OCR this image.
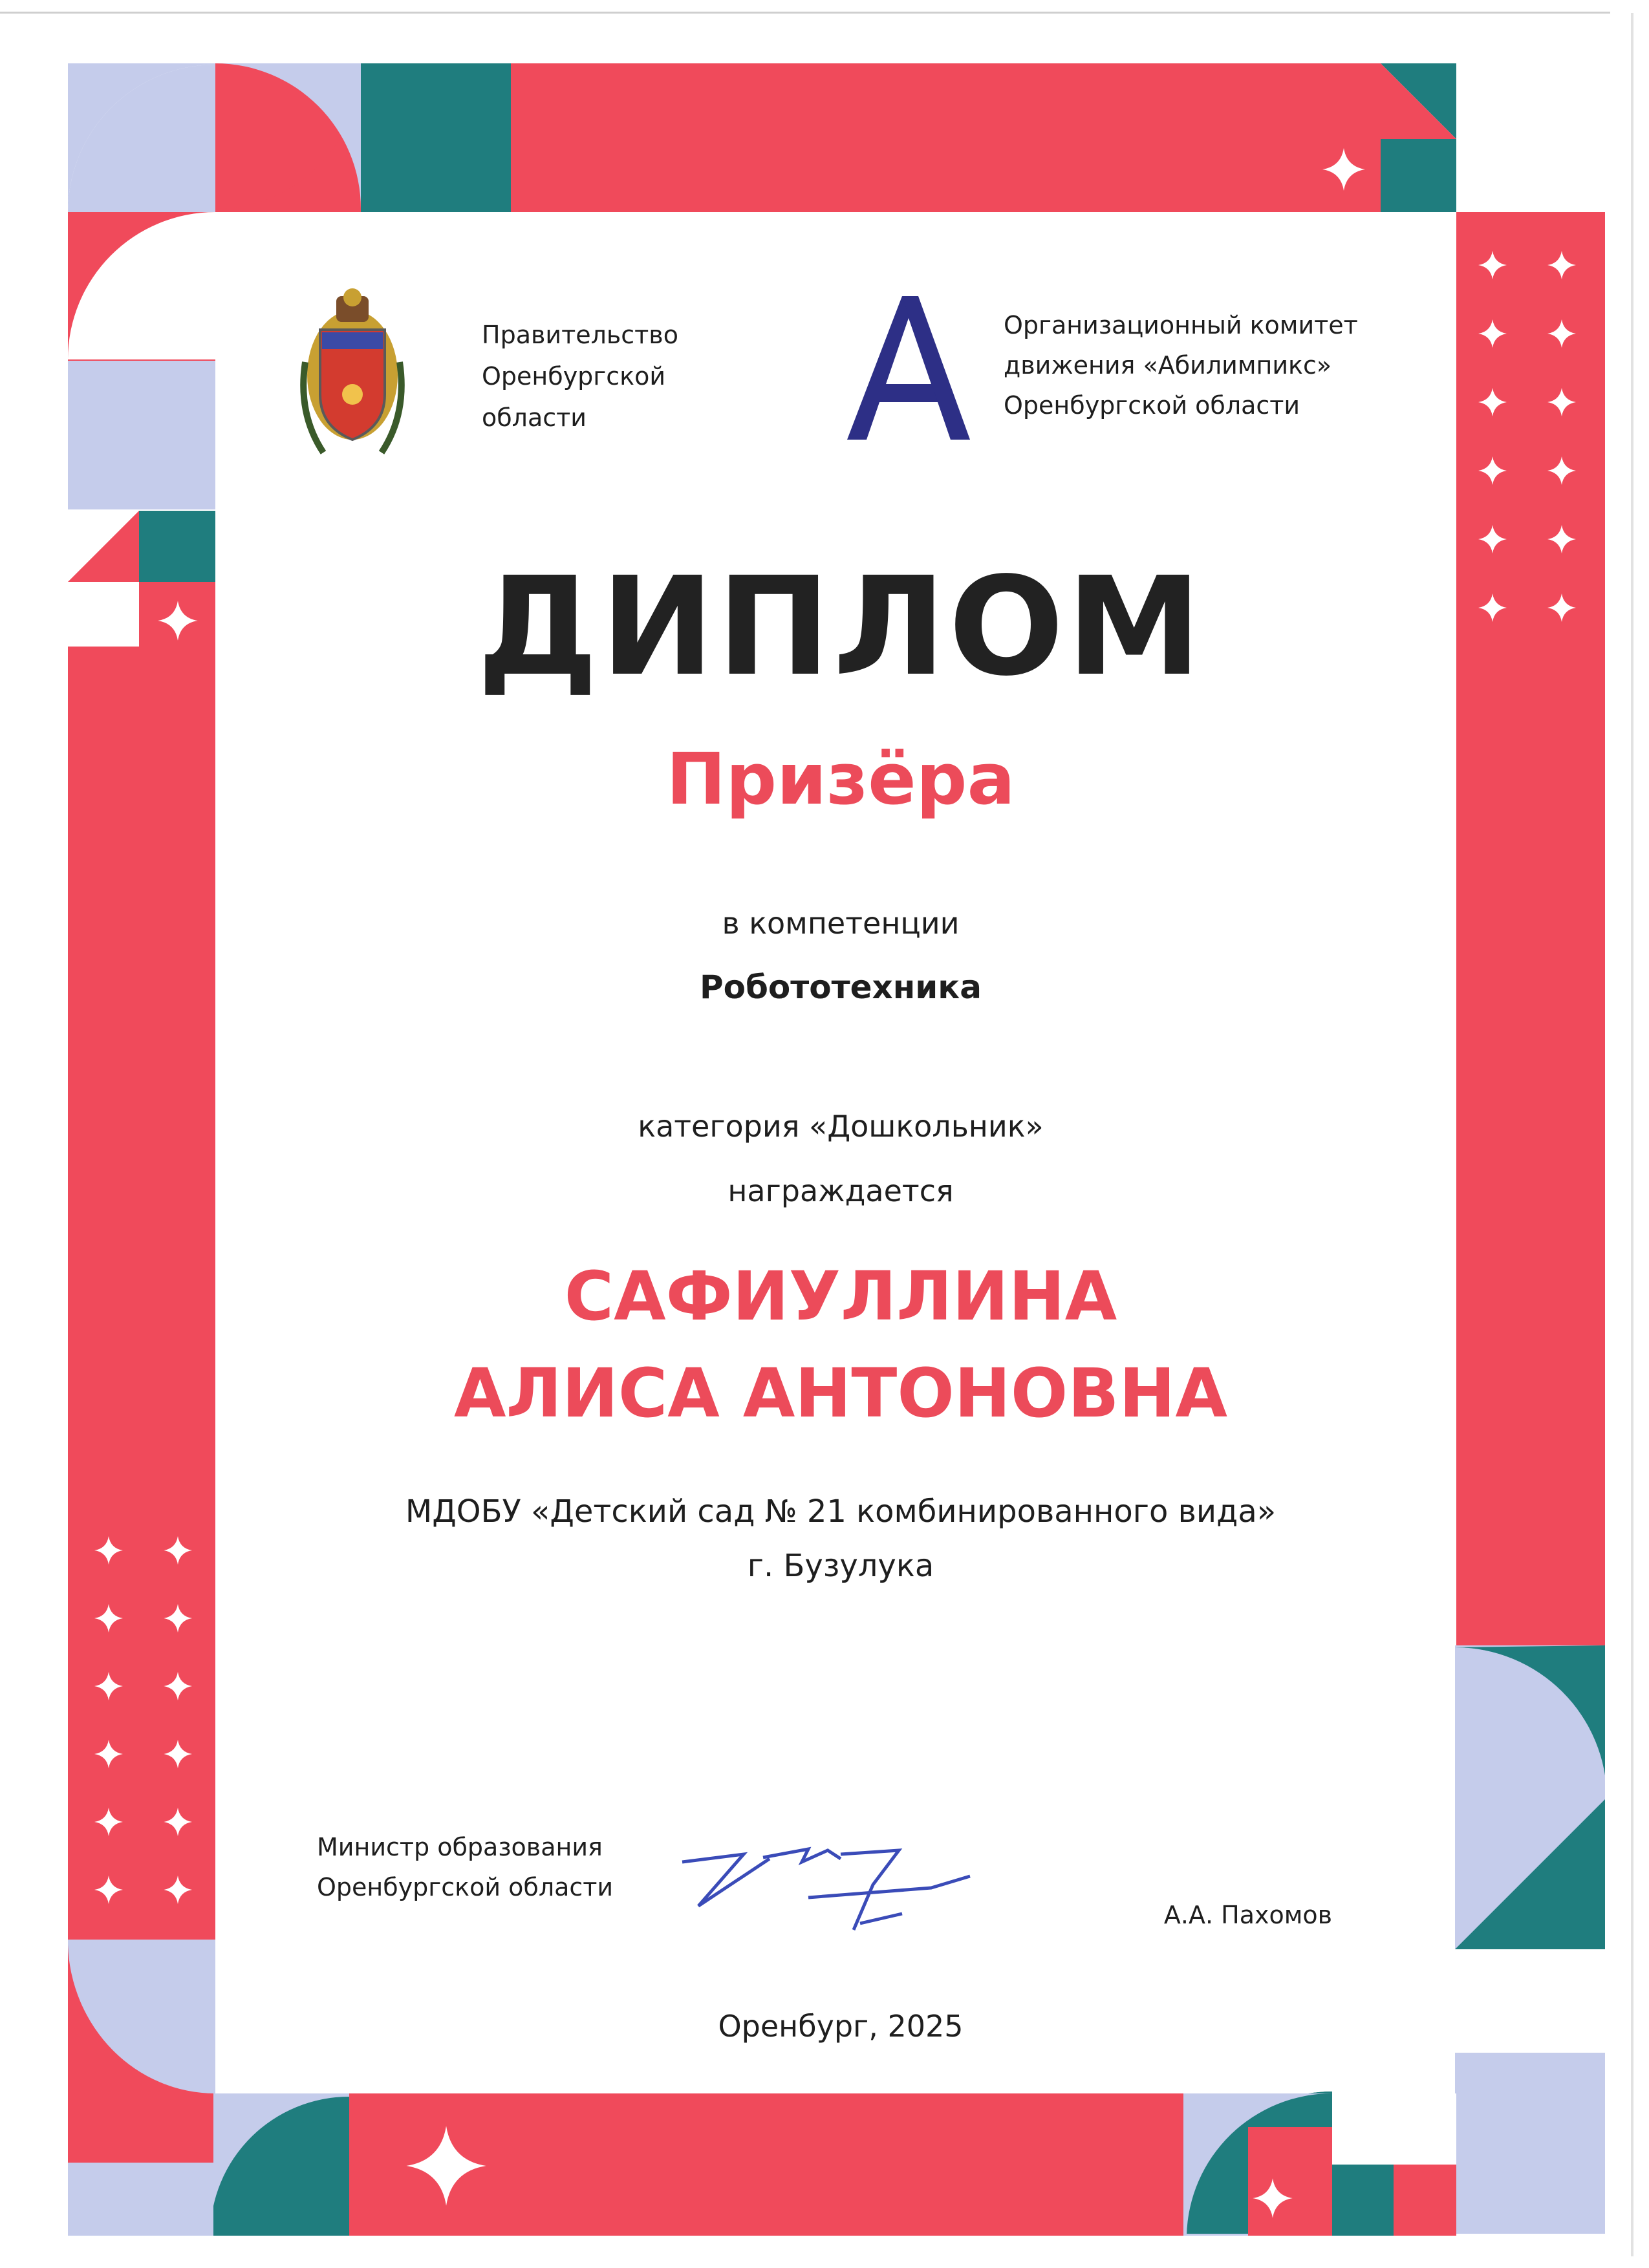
Правительство
Оренбургской
области
Организационный комитет
движения «Абилимпикс»
Оренбургской области
ДИПЛОМ
Призёра
в компетенции
Робототехника
категория «Дошкольник»
награждается
САФИУЛЛИНА
АЛИСА АНТОНОВНА
МДОБУ «Детский сад № 21 комбинированного вида»
г. Бузулука
Министр образования
Оренбургской области
А.А. Пахомов
Оренбург, 2025
